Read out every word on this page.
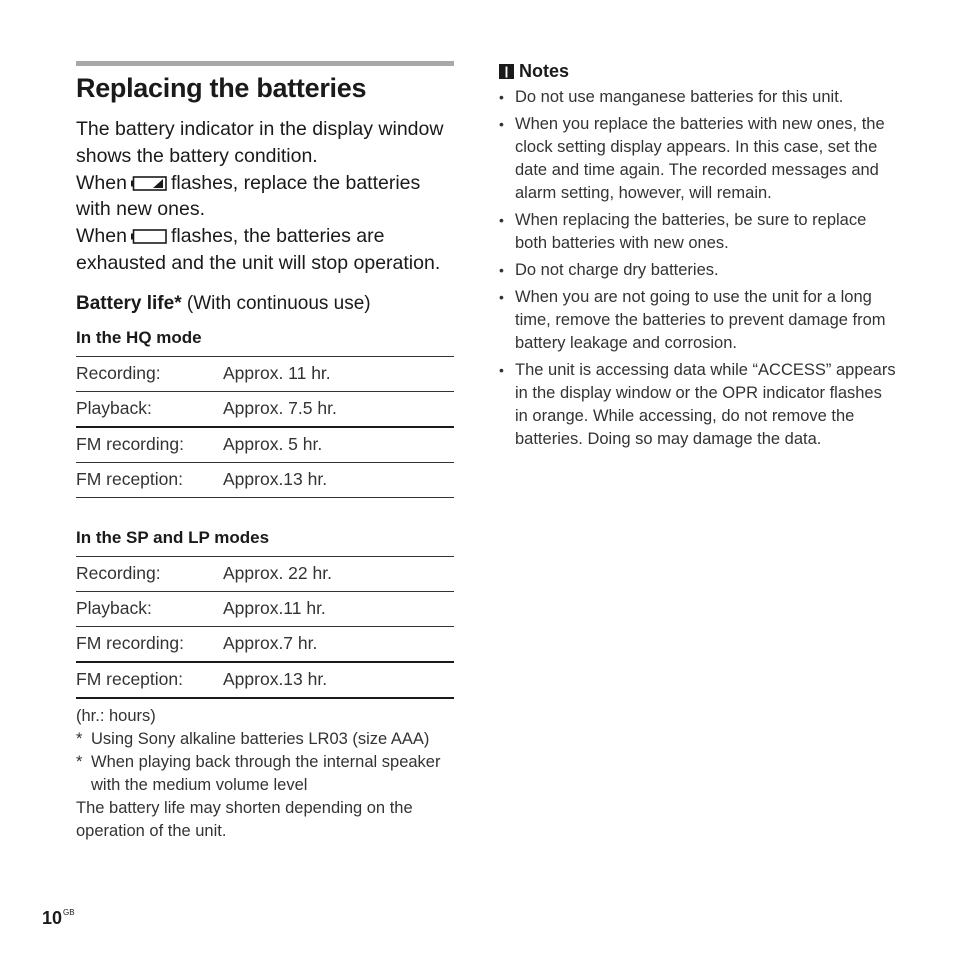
Replacing the batteries
The battery indicator in the display window shows the battery condition.
When flashes, replace the batteries with new ones.
When flashes, the batteries are exhausted and the unit will stop operation.
Battery life* (With continuous use)
In the HQ mode
Recording:	Approx. 11 hr.
Playback:	Approx. 7.5 hr.
FM recording:	Approx. 5 hr.
FM reception:	Approx.13 hr.
In the SP and LP modes
Recording:	Approx. 22 hr.
Playback:	Approx.11 hr.
FM recording:	Approx.7 hr.
FM reception:	Approx.13 hr.
(hr.: hours)
* Using Sony alkaline batteries LR03 (size AAA)
* When playing back through the internal speaker with the medium volume level
The battery life may shorten depending on the operation of the unit.
❙ Notes
• Do not use manganese batteries for this unit.
• When you replace the batteries with new ones, the clock setting display appears. In this case, set the date and time again. The recorded messages and alarm setting, however, will remain.
• When replacing the batteries, be sure to replace both batteries with new ones.
• Do not charge dry batteries.
• When you are not going to use the unit for a long time, remove the batteries to prevent damage from battery leakage and corrosion.
• The unit is accessing data while “ACCESS” appears in the display window or the OPR indicator flashes in orange. While accessing, do not remove the batteries. Doing so may damage the data.
$10^{GB}$
